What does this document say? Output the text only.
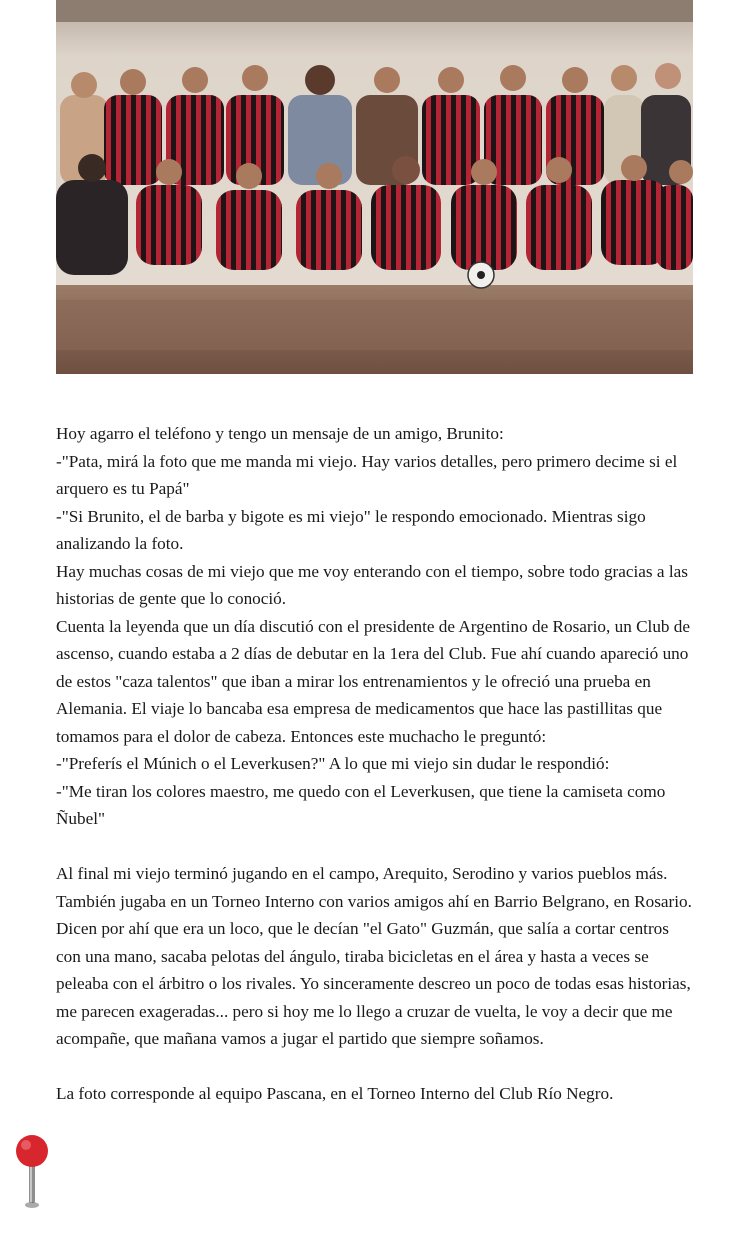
Hoy agarro el teléfono y tengo un mensaje de un amigo, Brunito:

-"Pata, mirá la foto que me manda mi viejo. Hay varios detalles, pero primero decime si el arquero es tu Papá"

-"Si Brunito, el de barba y bigote es mi viejo" le respondo emocionado. Mientras sigo analizando la foto.

Hay muchas cosas de mi viejo que me voy enterando con el tiempo, sobre todo gracias a las historias de gente que lo conoció.

Cuenta la leyenda que un día discutió con el presidente de Argentino de Rosario, un Club de ascenso, cuando estaba a 2 días de debutar en la 1era del Club. Fue ahí cuando apareció uno de estos "caza talentos" que iban a mirar los entrenamientos y le ofreció una prueba en Alemania. El viaje lo bancaba esa empresa de medicamentos que hace las pastillitas que tomamos para el dolor de cabeza. Entonces este muchacho le preguntó:

-"Preferís el Múnich o el Leverkusen?" A lo que mi viejo sin dudar le respondió:

-"Me tiran los colores maestro, me quedo con el Leverkusen, que tiene la camiseta como Ñubel"

Al final mi viejo terminó jugando en el campo, Arequito, Serodino y varios pueblos más. También jugaba en un Torneo Interno con varios amigos ahí en Barrio Belgrano, en Rosario.

Dicen por ahí que era un loco, que le decían "el Gato" Guzmán, que salía a cortar centros con una mano, sacaba pelotas del ángulo, tiraba bicicletas en el área y hasta a veces se peleaba con el árbitro o los rivales. Yo sinceramente descreo un poco de todas esas historias, me parecen exageradas... pero si hoy me lo llego a cruzar de vuelta, le voy a decir que me acompañe, que mañana vamos a jugar el partido que siempre soñamos.

La foto corresponde al equipo Pascana, en el Torneo Interno del Club Río Negro.
